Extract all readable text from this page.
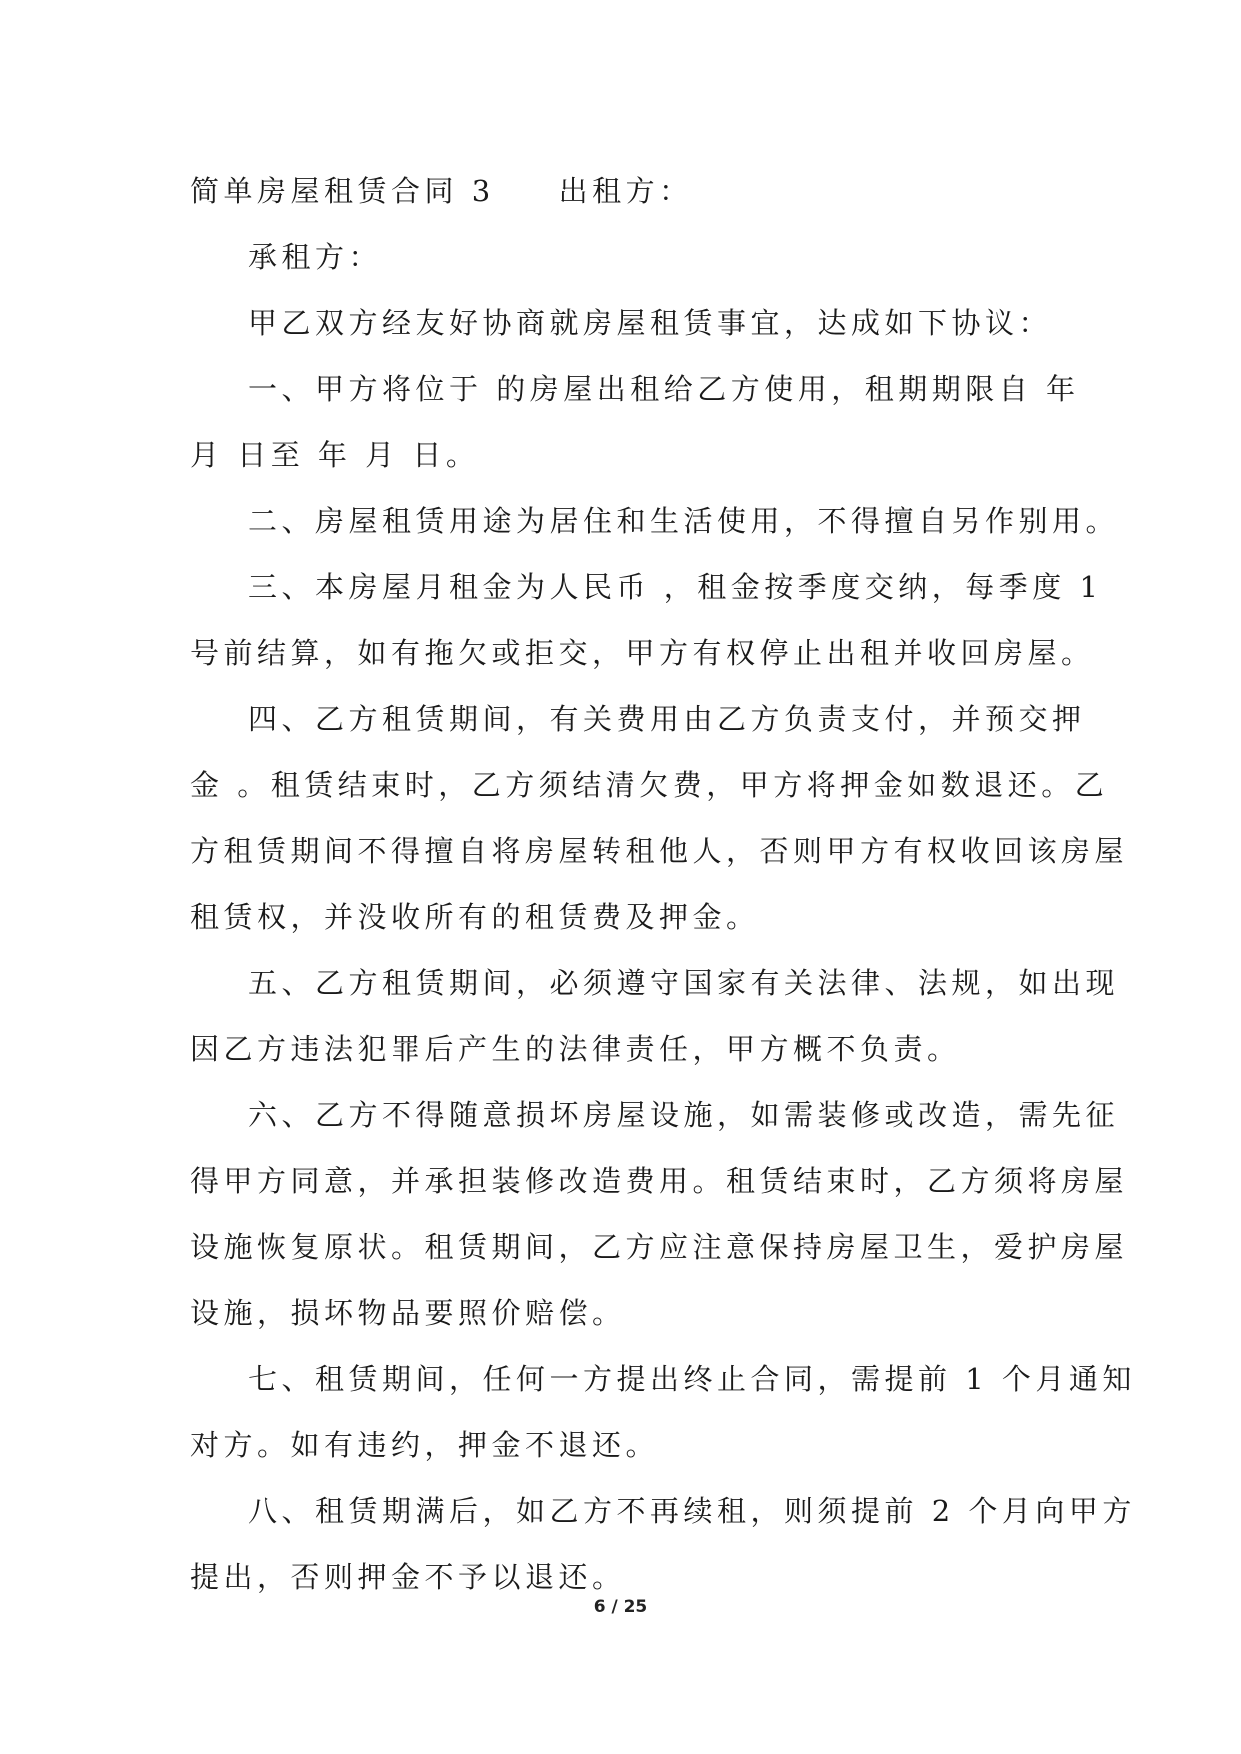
简单房屋租赁合同 3 出租方：
承租方：
甲乙双方经友好协商就房屋租赁事宜，达成如下协议：
一、甲方将位于 的房屋出租给乙方使用，租期期限自 年
月 日至 年 月 日。
二、房屋租赁用途为居住和生活使用，不得擅自另作别用。
三、本房屋月租金为人民币 ，租金按季度交纳，每季度 1
号前结算，如有拖欠或拒交，甲方有权停止出租并收回房屋。
四、乙方租赁期间，有关费用由乙方负责支付，并预交押
金 。租赁结束时，乙方须结清欠费，甲方将押金如数退还。乙
方租赁期间不得擅自将房屋转租他人，否则甲方有权收回该房屋
租赁权，并没收所有的租赁费及押金。
五、乙方租赁期间，必须遵守国家有关法律、法规，如出现
因乙方违法犯罪后产生的法律责任，甲方概不负责。
六、乙方不得随意损坏房屋设施，如需装修或改造，需先征
得甲方同意，并承担装修改造费用。租赁结束时，乙方须将房屋
设施恢复原状。租赁期间，乙方应注意保持房屋卫生，爱护房屋
设施，损坏物品要照价赔偿。
七、租赁期间，任何一方提出终止合同，需提前 1 个月通知
对方。如有违约，押金不退还。
八、租赁期满后，如乙方不再续租，则须提前 2 个月向甲方
提出，否则押金不予以退还。
6 / 25
